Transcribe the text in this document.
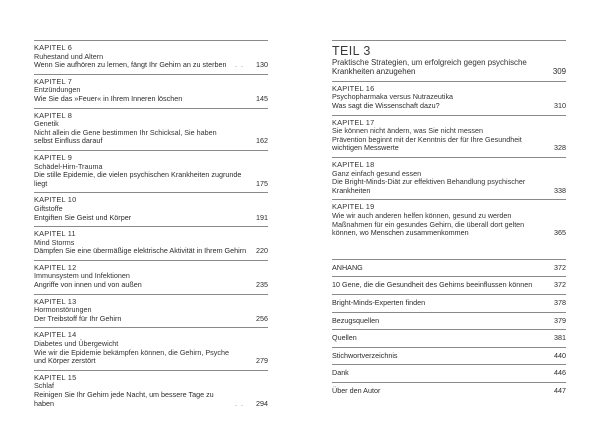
KAPITEL 6
Ruhestand und Altern
Wenn Sie aufhören zu lernen, fängt Ihr Gehirn an zu sterben	. .	130
KAPITEL 7
Entzündungen
Wie Sie das »Feuer« in Ihrem Inneren löschen	145
KAPITEL 8
Genetik
Nicht allein die Gene bestimmen Ihr Schicksal, Sie haben
selbst Einfluss darauf	162
KAPITEL 9
Schädel-Hirn-Trauma
Die stille Epidemie, die vielen psychischen Krankheiten zugrunde liegt	175
KAPITEL 10
Giftstoffe
Entgiften Sie Geist und Körper	191
KAPITEL 11
Mind Storms
Dämpfen Sie eine übermäßige elektrische Aktivität in Ihrem Gehirn	220
KAPITEL 12
Immunsystem und Infektionen
Angriffe von innen und von außen	235
KAPITEL 13
Hormonstörungen
Der Treibstoff für Ihr Gehirn	256
KAPITEL 14
Diabetes und Übergewicht
Wie wir die Epidemie bekämpfen können, die Gehirn, Psyche
und Körper zerstört	279
KAPITEL 15
Schlaf
Reinigen Sie Ihr Gehirn jede Nacht, um bessere Tage zu haben	. .	294
TEIL 3
Praktische Strategien, um erfolgreich gegen psychische
Krankheiten anzugehen	309
KAPITEL 16
Psychopharmaka versus Nutrazeutika
Was sagt die Wissenschaft dazu?	310
KAPITEL 17
Sie können nicht ändern, was Sie nicht messen
Prävention beginnt mit der Kenntnis der für Ihre Gesundheit
wichtigen Messwerte	328
KAPITEL 18
Ganz einfach gesund essen
Die Bright-Minds-Diät zur effektiven Behandlung psychischer
Krankheiten	338
KAPITEL 19
Wie wir auch anderen helfen können, gesund zu werden
Maßnahmen für ein gesundes Gehirn, die überall dort gelten
können, wo Menschen zusammenkommen	365
ANHANG	372
10 Gene, die die Gesundheit des Gehirns beeinflussen können	372
Bright-Minds-Experten finden	378
Bezugsquellen	379
Quellen	381
Stichwortverzeichnis	440
Dank	446
Über den Autor	447
